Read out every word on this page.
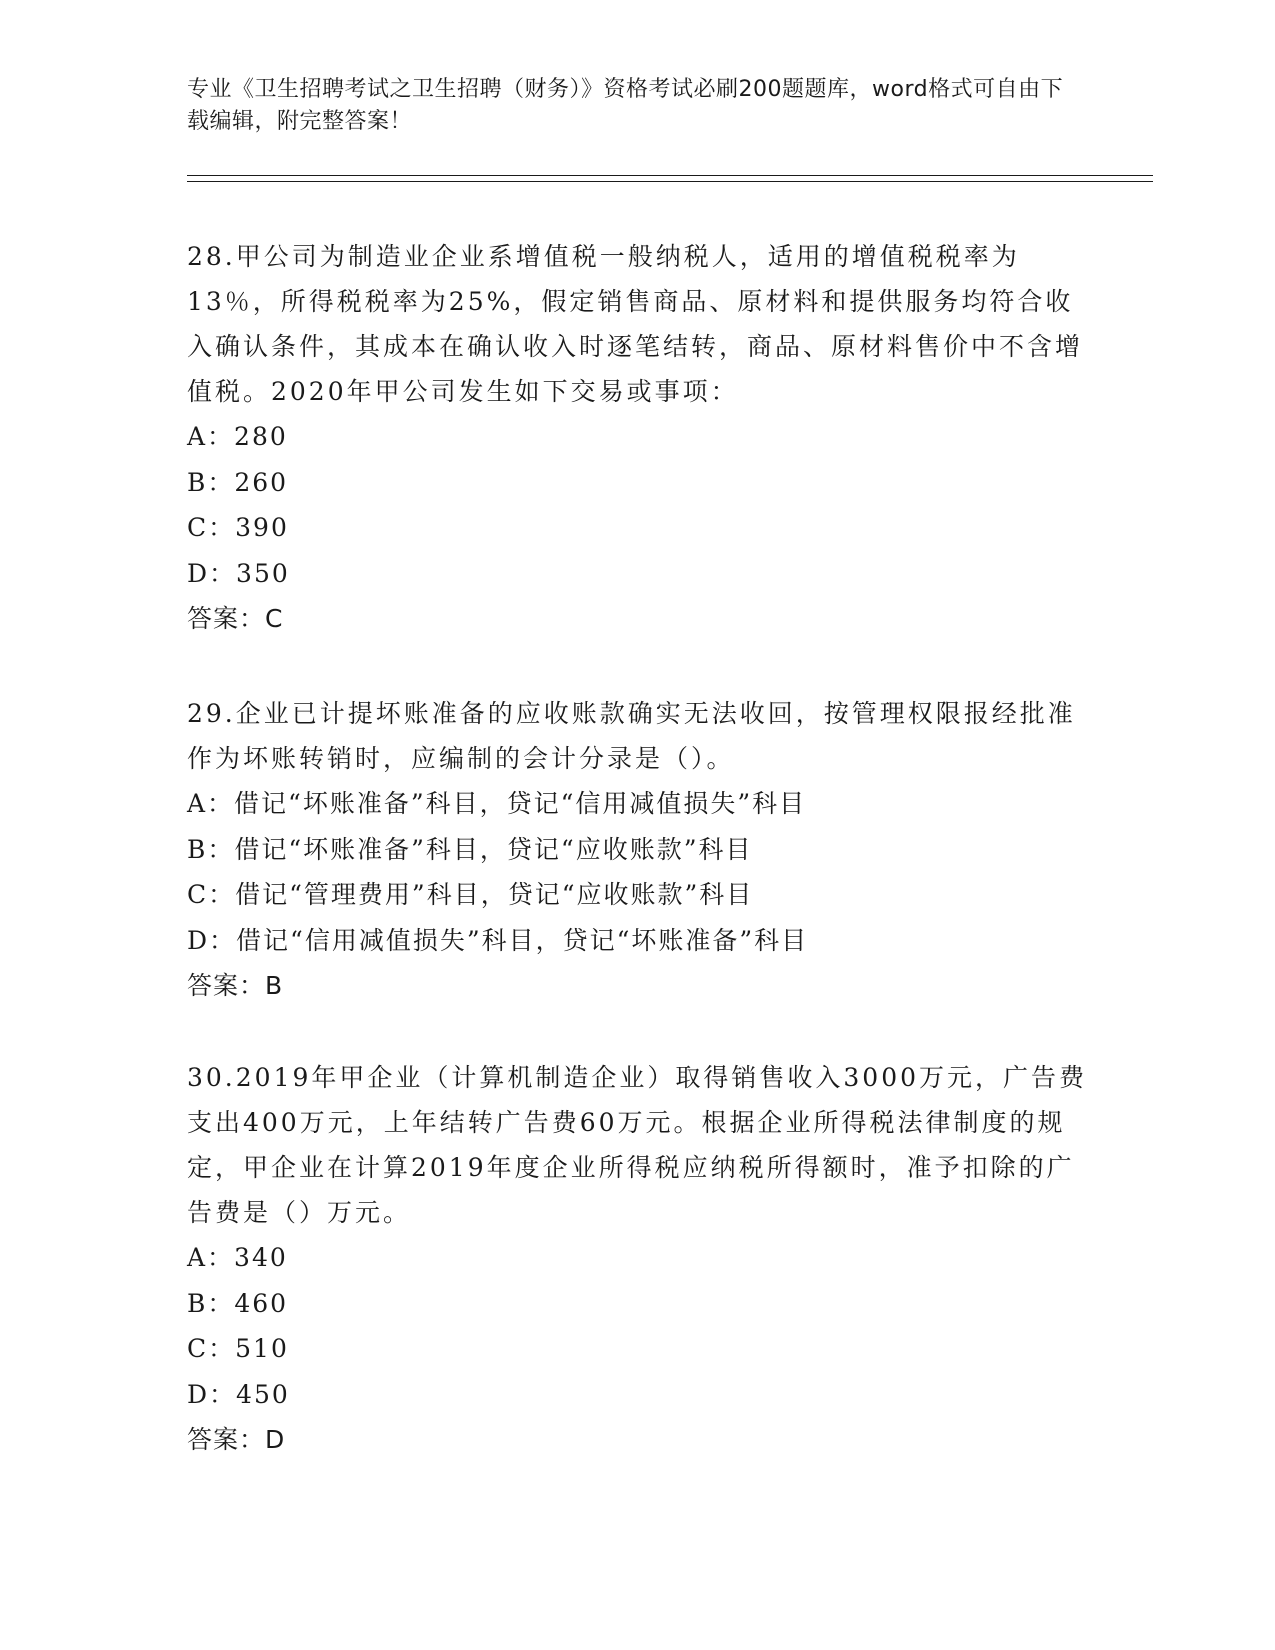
专业《卫生招聘考试之卫生招聘（财务）》资格考试必刷200题题库，word格式可自由下载编辑，附完整答案！

28.甲公司为制造业企业系增值税一般纳税人，适用的增值税税率为13％，所得税税率为25%，假定销售商品、原材料和提供服务均符合收入确认条件，其成本在确认收入时逐笔结转，商品、原材料售价中不含增值税。2020年甲公司发生如下交易或事项：

A：280

B：260

C：390

D：350

答案：C

29.企业已计提坏账准备的应收账款确实无法收回，按管理权限报经批准作为坏账转销时，应编制的会计分录是（）。

A：借记“坏账准备”科目，贷记“信用减值损失”科目

B：借记“坏账准备”科目，贷记“应收账款”科目

C：借记“管理费用”科目，贷记“应收账款”科目

D：借记“信用减值损失”科目，贷记“坏账准备”科目

答案：B

30.2019年甲企业（计算机制造企业）取得销售收入3000万元，广告费支出400万元，上年结转广告费60万元。根据企业所得税法律制度的规定，甲企业在计算2019年度企业所得税应纳税所得额时，准予扣除的广告费是（）万元。

A：340

B：460

C：510

D：450

答案：D
